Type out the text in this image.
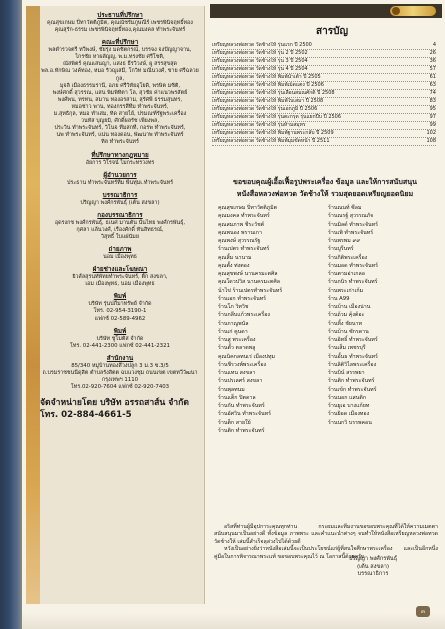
ประธานที่ปรึกษา
คุณสุขเกษม ปิ่ทาวัตติภูมิต, คุณณัชรัมภูษณีร์ เพชรพินิจฤทธิ์ทอง
คุณสุรัก-ธรรม เพชรพินิจฤทธิ์ทอง,คุณมงคล ทำพระจันทร์
คณะที่ปรึกษา
พลตำรวจตรี ทวีพงษ์, ชัยรุ่ง มดชิตกรณ์, บรรจง จงปัญญาจาน,
ไกรชัย หาผลัญญ, พ.ม.ทรงชัย ศรีโชติ,
ณัสพิตร์ คุณแสนญา, แสงธ ธีรวิวงษ์, ผู สรรสุขสุด
พล.อ.ทักษิณ วงค์ทอง, หมอ ริวญูเสมี, โกวิท มณีนวงศ์, ชาย ศรีฉลวยกูล,
มุจลิ เมืองธรรมรานี, อภย ศรีวิทัยอุโยดิ, พรษิต มซิติ,
พงษ์ศกดิ์ สุวรรณ, แสน พิมพิทิตา โล, สุวชัย ค่าแนวพรสัตย์
พงศ์พน, ทรทน, สมาน ทองอรสาม, สุรัศพี ธรรมสุนทร,
หมอช่าว พาน, ทองกรรสีทีม ทำพระจันทร์,
ม.สุทธิกุล, หมอ ทำเสม, ทิด สายไย้, ปรมณฑ์รัฐพระเครื่อง
วนทัส บุญยมิ, ศักดิ์ผลรัช เพียงพล,
ประวิน ทำพระจันทร์, วิโนจ ทีมสกที, กอรพ ทำพระจันทร์,
นพ ทำพระจันทร์, แน่น ทองดอน, พัฒนาพ ทำพระจันทร์
ทิล ทำพระจันทร์
ที่ปรึกษาทางกฎหมาย
อัยการ วิโรจน์ ไมกระทรวงทร
ผู้อำนวยการ
ประธาน ทำพระจันทร์ทีม พีนทุ่มเ.ทำพระจันทร์
บรรณาธิการ
ปริญญา พงศ์กรพันธุ์ (เต้น สงขลา)
กองบรรณาธิการ
อุดรงกช พงศ์กรพันธุ์, ธเนศ มานตัน นั้นไทย พงศ์กรพันธุ์,
กุศลา แล้นวงศ์, เรืองศักดิ์ ทันสิทธรณ์,
วิสุทธิ์ ใบแฝนัมย
ถ่ายภาพ
นอม เมืองพุทธ
ฝ่ายช่างและโฆษณา
ยิวส์ลสุรนทัพัทยทำพระจันทร์, ติ๊ก สงขลา,
เอม เมืองพุทธ, นอม เมืองพุทธ
พิมพ์
บริษัท รุ่นปภีมาทรัพย์ จำกัด
โทร. 02-954-3190-1
แฟกซ์ 02-589-4962
พิมพ์
บริษัท ชูโมติส จำกัด
โทร. 02-441-2300 แฟกซ์ 02-441-2321
สำนักงาน
85/340 หมู่บ้านทองสีวงปลูก 3 ม.3 ซ.3/5
ถ.บรมราชชนนีดุสิต ตําบลรังสิตต ฉบแวงชุม ถนนเขต เขตทวีวัฒนา กรุงเทพฯ 1110
โทร.02-920-7604 แฟกซ์ 02-920-7403
จัดจำหน่ายโดย บริษัท อรรถสาส์น จำกัด
โทร. 02-884-4661-5
สารบัญ
เหรียญหลวงพ่อทวด วัดช้างให้ รุ่นแรก ปี 2500	4
เหรียญหลวงพ่อทวด วัดช้างให้ รุ่น 2 ปี 2502	26
เหรียญหลวงพ่อทวด วัดช้างให้ รุ่น 3 ปี 2504	36
เหรียญหลวงพ่อทวด วัดช้างให้ รุ่น 4 ปี 2504	57
เหรียญหลวงพ่อทวด วัดช้างให้ พิมพ์น้ำเต้า ปี 2505	61
เหรียญหลวงพ่อทวด วัดช้างให้ พิมพ์เม็ดแตง ปี 2506	63
เหรียญหลวงพ่อทวด วัดช้างให้ รุ่นเลื่อนสมณศักดิ์ ปี 2508	74
เหรียญหลวงพ่อทวด วัดช้างให้ พิมพ์ใบเสมา ปี 2508	83
เหรียญหลวงพ่อทวด วัดช้างให้ รุ่นเอกภูมิ ปี 2506	95
เหรียญหลวงพ่อทวด วัดช้างให้ รุ่นตะกรุด รุ่นแยกปีบ ปี 2506	97
เหรียญหลวงพ่อทวด วัดช้างให้ รุ่นห้ามสมุทร	99
เหรียญหลวงพ่อทวด วัดช้างให้ พิมพ์ฐานพระกลับ ปี 2509	102
เหรียญหลวงพ่อทวด วัดช้างให้ พิมพ์มุมขัดหน้า ปี 2511	108
ขอขอบคุณผู้เอื้อเฟื้อรูปพระเครื่อง ข้อมูล และให้การสนับสนุน
หนังสือหลวงพ่อทวด วัดช้างให้ รวมสุดยอดเหรียญยอดนิยม
คุณสุขเกษม ปิ่ทาวัตติภูมิต
คุณมงคล ทำพระจันทร์
คุณสมภาพ ชีระวัชต์
คุณพนอง พรานเกา
คุณพงษ์ สุวรรณรัฐ
ร้านเปตร ทำพระจันทร์
คุณสิ้ม นานาม
คุณตั้ง ท่งตอง
คุณสุขพงษ์ นานครมะตศิล
คุณโดวปวิส นานครมะตศิล
น้าไข่ ร้านเปตรทำพระจันทร์
ร้านเอก ทำพระจันทร์
ร้านโภ วิทวิช
ร้านกลีบแก้วพระเครื่อง
ร้านกาญพนัล
ร้านเก่ คูนดา
ร้านสู พระเครื่อง
ร้านตั้ว ตลาดพลู
คุณนิคกลทนเร่ เมืองปทุม
ร้านชีรวงพ์พระเครื่อง
ร้านแทน สงขลา
ร้านปรเลศร์ สงขลา
ร้านพุลทนม
ร้านแต็ก ปิตดาล
ร้านกัน ทำพระจันทร์
ร้านอัศวิน ทำพระจันทร์
ร้านต็ก สายใย้
ร้านติก ทำพระจันทร์
ร้านณนท์ ซีลม
ร้านณรฐ์ สุวรรณภัจ
ร้านมิลด์ ทำพระจันทร์
ร้านเพิ ทำพระจันทร์
ร้านพรพม ๙๙
ร้านบูรีนทร์
ร้านกิติพระเครื่อง
ร้านมอด ทำพระจันทร์
ร้านตามอ่าเกลอ
ร้านกนิร ทำพระจันทร์
ร้านพระเก่าเก้ม
ร้าน A99
ร้านบ้าน เมืองน่าน
ร้านถ้วม คุ้งต้อะ
ร้านหิ้ง ชัยนาท
ร้านบ้าน ซักรดาน
ร้านอิทธิ์ ทำพระจันทร์
ร้านเส็ม เพชรบุรี
ร้านอั้นธ ทำพระจันทร์
ร้านลิติวิไลพระเครื่อง
ร้านบิน์ สรรพยา
ร้านติก ทำพระจันทร์
ร้านเข้ก ทำพระจันทร์
ร้านนอก แสนติก
ร้านยูเอ บางแก้ยท
ร้านยิอด เมืองทอง
ร้านนกวิ บรรพคอน
อริสที่ท่านผู้มีอุปการะคุณทุกท่าน กระผมและทีมงานขอขอบพระคุณที่ได้ให้ความเมตตาสนับสนุนมาเป็นอย่างดี ทั้งข้อมูล ภาพพระ และคำแนะนำต่างๆ จนทำให้หนังสือเหรียญหลวงพ่อทวด วัดช้างให้ เล่มนี้สำเร็จลุล่วงไปได้ด้วยดี
หวังเป็นอย่างยิ่งว่าหนังสือเล่มนี้จะเป็นประโยชน์แก่ผู้ที่สนใจศึกษาพระเครื่อง และเป็นอีกหนึ่งคู่มือในการพิจารณาพระแท้ ขอขอบพระคุณไว้ ณ โอกาสนี้ด้วยครับ
ปริญญา พงศ์กรพันธุ์
(เต้น สงขลา)
บรรณาธิการ
๓
